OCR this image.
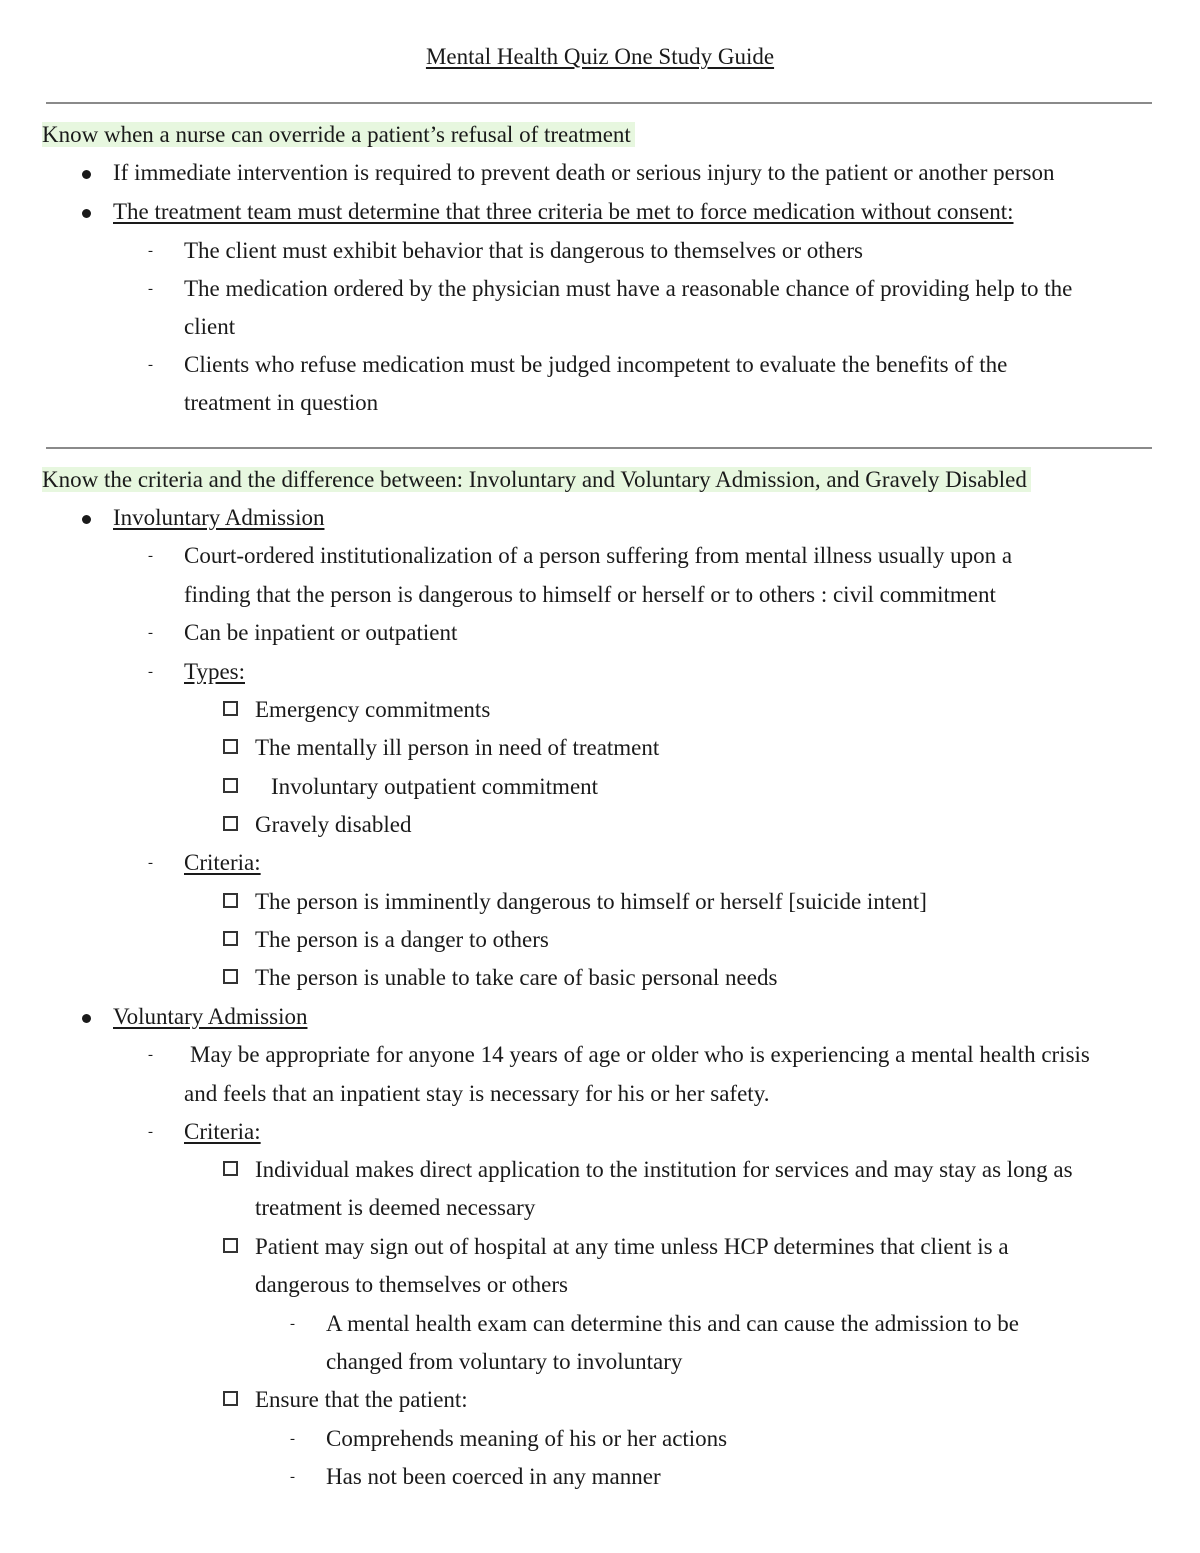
Mental Health Quiz One Study Guide
Know when a nurse can override a patient’s refusal of treatment
If immediate intervention is required to prevent death or serious injury to the patient or another person
The treatment team must determine that three criteria be met to force medication without consent:
- The client must exhibit behavior that is dangerous to themselves or others
- The medication ordered by the physician must have a reasonable chance of providing help to the
client
- Clients who refuse medication must be judged incompetent to evaluate the benefits of the
treatment in question
Know the criteria and the difference between: Involuntary and Voluntary Admission, and Gravely Disabled
Involuntary Admission
- Court-ordered institutionalization of a person suffering from mental illness usually upon a
finding that the person is dangerous to himself or herself or to others : civil commitment
- Can be inpatient or outpatient
- Types:
Emergency commitments
The mentally ill person in need of treatment
Involuntary outpatient commitment
Gravely disabled
- Criteria:
The person is imminently dangerous to himself or herself [suicide intent]
The person is a danger to others
The person is unable to take care of basic personal needs
Voluntary Admission
- May be appropriate for anyone 14 years of age or older who is experiencing a mental health crisis
and feels that an inpatient stay is necessary for his or her safety.
- Criteria:
Individual makes direct application to the institution for services and may stay as long as
treatment is deemed necessary
Patient may sign out of hospital at any time unless HCP determines that client is a
dangerous to themselves or others
- A mental health exam can determine this and can cause the admission to be
changed from voluntary to involuntary
Ensure that the patient:
- Comprehends meaning of his or her actions
- Has not been coerced in any manner
